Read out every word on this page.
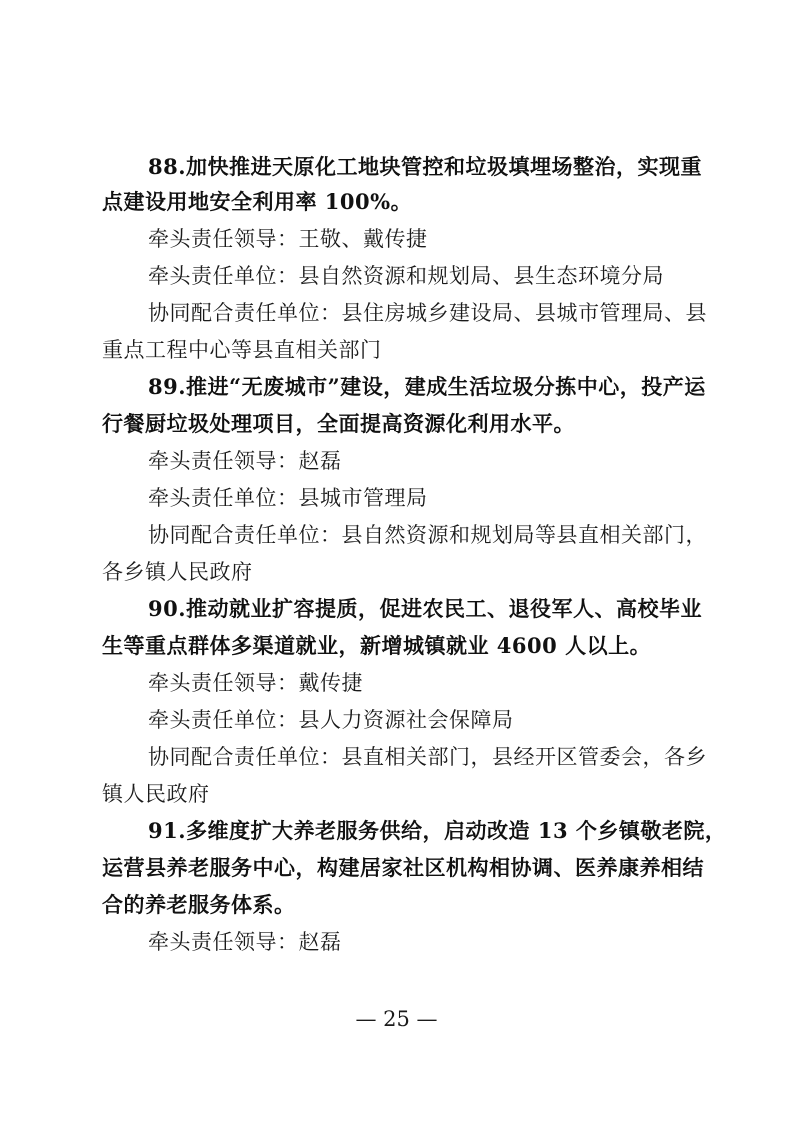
88.加快推进天原化工地块管控和垃圾填埋场整治，实现重
点建设用地安全利用率 100%。
牵头责任领导：王敬、戴传捷
牵头责任单位：县自然资源和规划局、县生态环境分局
协同配合责任单位：县住房城乡建设局、县城市管理局、县
重点工程中心等县直相关部门
89.推进“无废城市”建设，建成生活垃圾分拣中心，投产运
行餐厨垃圾处理项目，全面提高资源化利用水平。
牵头责任领导：赵磊
牵头责任单位：县城市管理局
协同配合责任单位：县自然资源和规划局等县直相关部门，
各乡镇人民政府
90.推动就业扩容提质，促进农民工、退役军人、高校毕业
生等重点群体多渠道就业，新增城镇就业 4600 人以上。
牵头责任领导：戴传捷
牵头责任单位：县人力资源社会保障局
协同配合责任单位：县直相关部门，县经开区管委会，各乡
镇人民政府
91.多维度扩大养老服务供给，启动改造 13 个乡镇敬老院，
运营县养老服务中心，构建居家社区机构相协调、医养康养相结
合的养老服务体系。
牵头责任领导：赵磊
— 25 —
